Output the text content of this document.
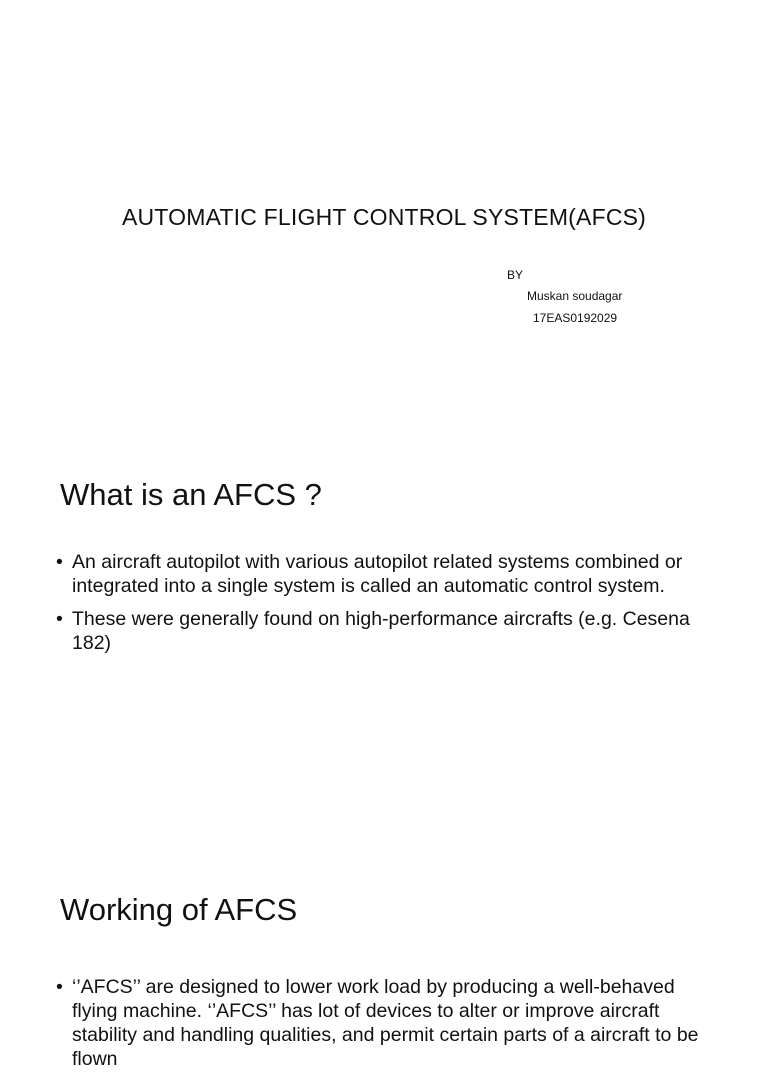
AUTOMATIC FLIGHT CONTROL SYSTEM(AFCS)
BY
Muskan soudagar
17EAS0192029
What is an AFCS ?
• An aircraft autopilot with various autopilot related systems combined or integrated into a single system is called an automatic control system.
• These were generally found on high-performance aircrafts (e.g. Cesena 182)
Working of AFCS
• ‘’AFCS’’ are designed to lower work load by producing a well-behaved flying machine. ‘’AFCS’’ has lot of devices to alter or improve aircraft stability and handling qualities, and permit certain parts of a aircraft to be flown
